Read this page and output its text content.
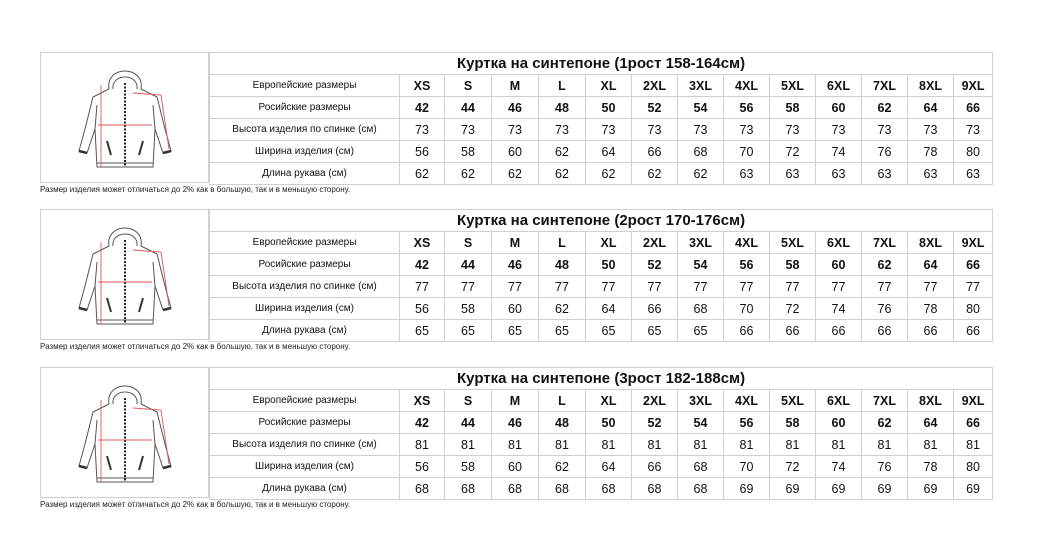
Куртка на синтепоне (1рост 158-164см)													
Европейские размеры	XS	S	M	L	XL	2XL	3XL	4XL	5XL	6XL	7XL	8XL	9XL
Росийские размеры	42	44	46	48	50	52	54	56	58	60	62	64	66
Высота изделия по спинке (см)	73	73	73	73	73	73	73	73	73	73	73	73	73
Ширина изделия (см)	56	58	60	62	64	66	68	70	72	74	76	78	80
Длина рукава (см)	62	62	62	62	62	62	62	63	63	63	63	63	63
Размер изделия может отличаться до 2% как в большую, так и в меньшую сторону.
Куртка на синтепоне (2рост 170-176см)													
Европейские размеры	XS	S	M	L	XL	2XL	3XL	4XL	5XL	6XL	7XL	8XL	9XL
Росийские размеры	42	44	46	48	50	52	54	56	58	60	62	64	66
Высота изделия по спинке (см)	77	77	77	77	77	77	77	77	77	77	77	77	77
Ширина изделия (см)	56	58	60	62	64	66	68	70	72	74	76	78	80
Длина рукава (см)	65	65	65	65	65	65	65	66	66	66	66	66	66
Размер изделия может отличаться до 2% как в большую, так и в меньшую сторону.
Куртка на синтепоне (3рост 182-188см)													
Европейские размеры	XS	S	M	L	XL	2XL	3XL	4XL	5XL	6XL	7XL	8XL	9XL
Росийские размеры	42	44	46	48	50	52	54	56	58	60	62	64	66
Высота изделия по спинке (см)	81	81	81	81	81	81	81	81	81	81	81	81	81
Ширина изделия (см)	56	58	60	62	64	66	68	70	72	74	76	78	80
Длина рукава (см)	68	68	68	68	68	68	68	69	69	69	69	69	69
Размер изделия может отличаться до 2% как в большую, так и в меньшую сторону.
